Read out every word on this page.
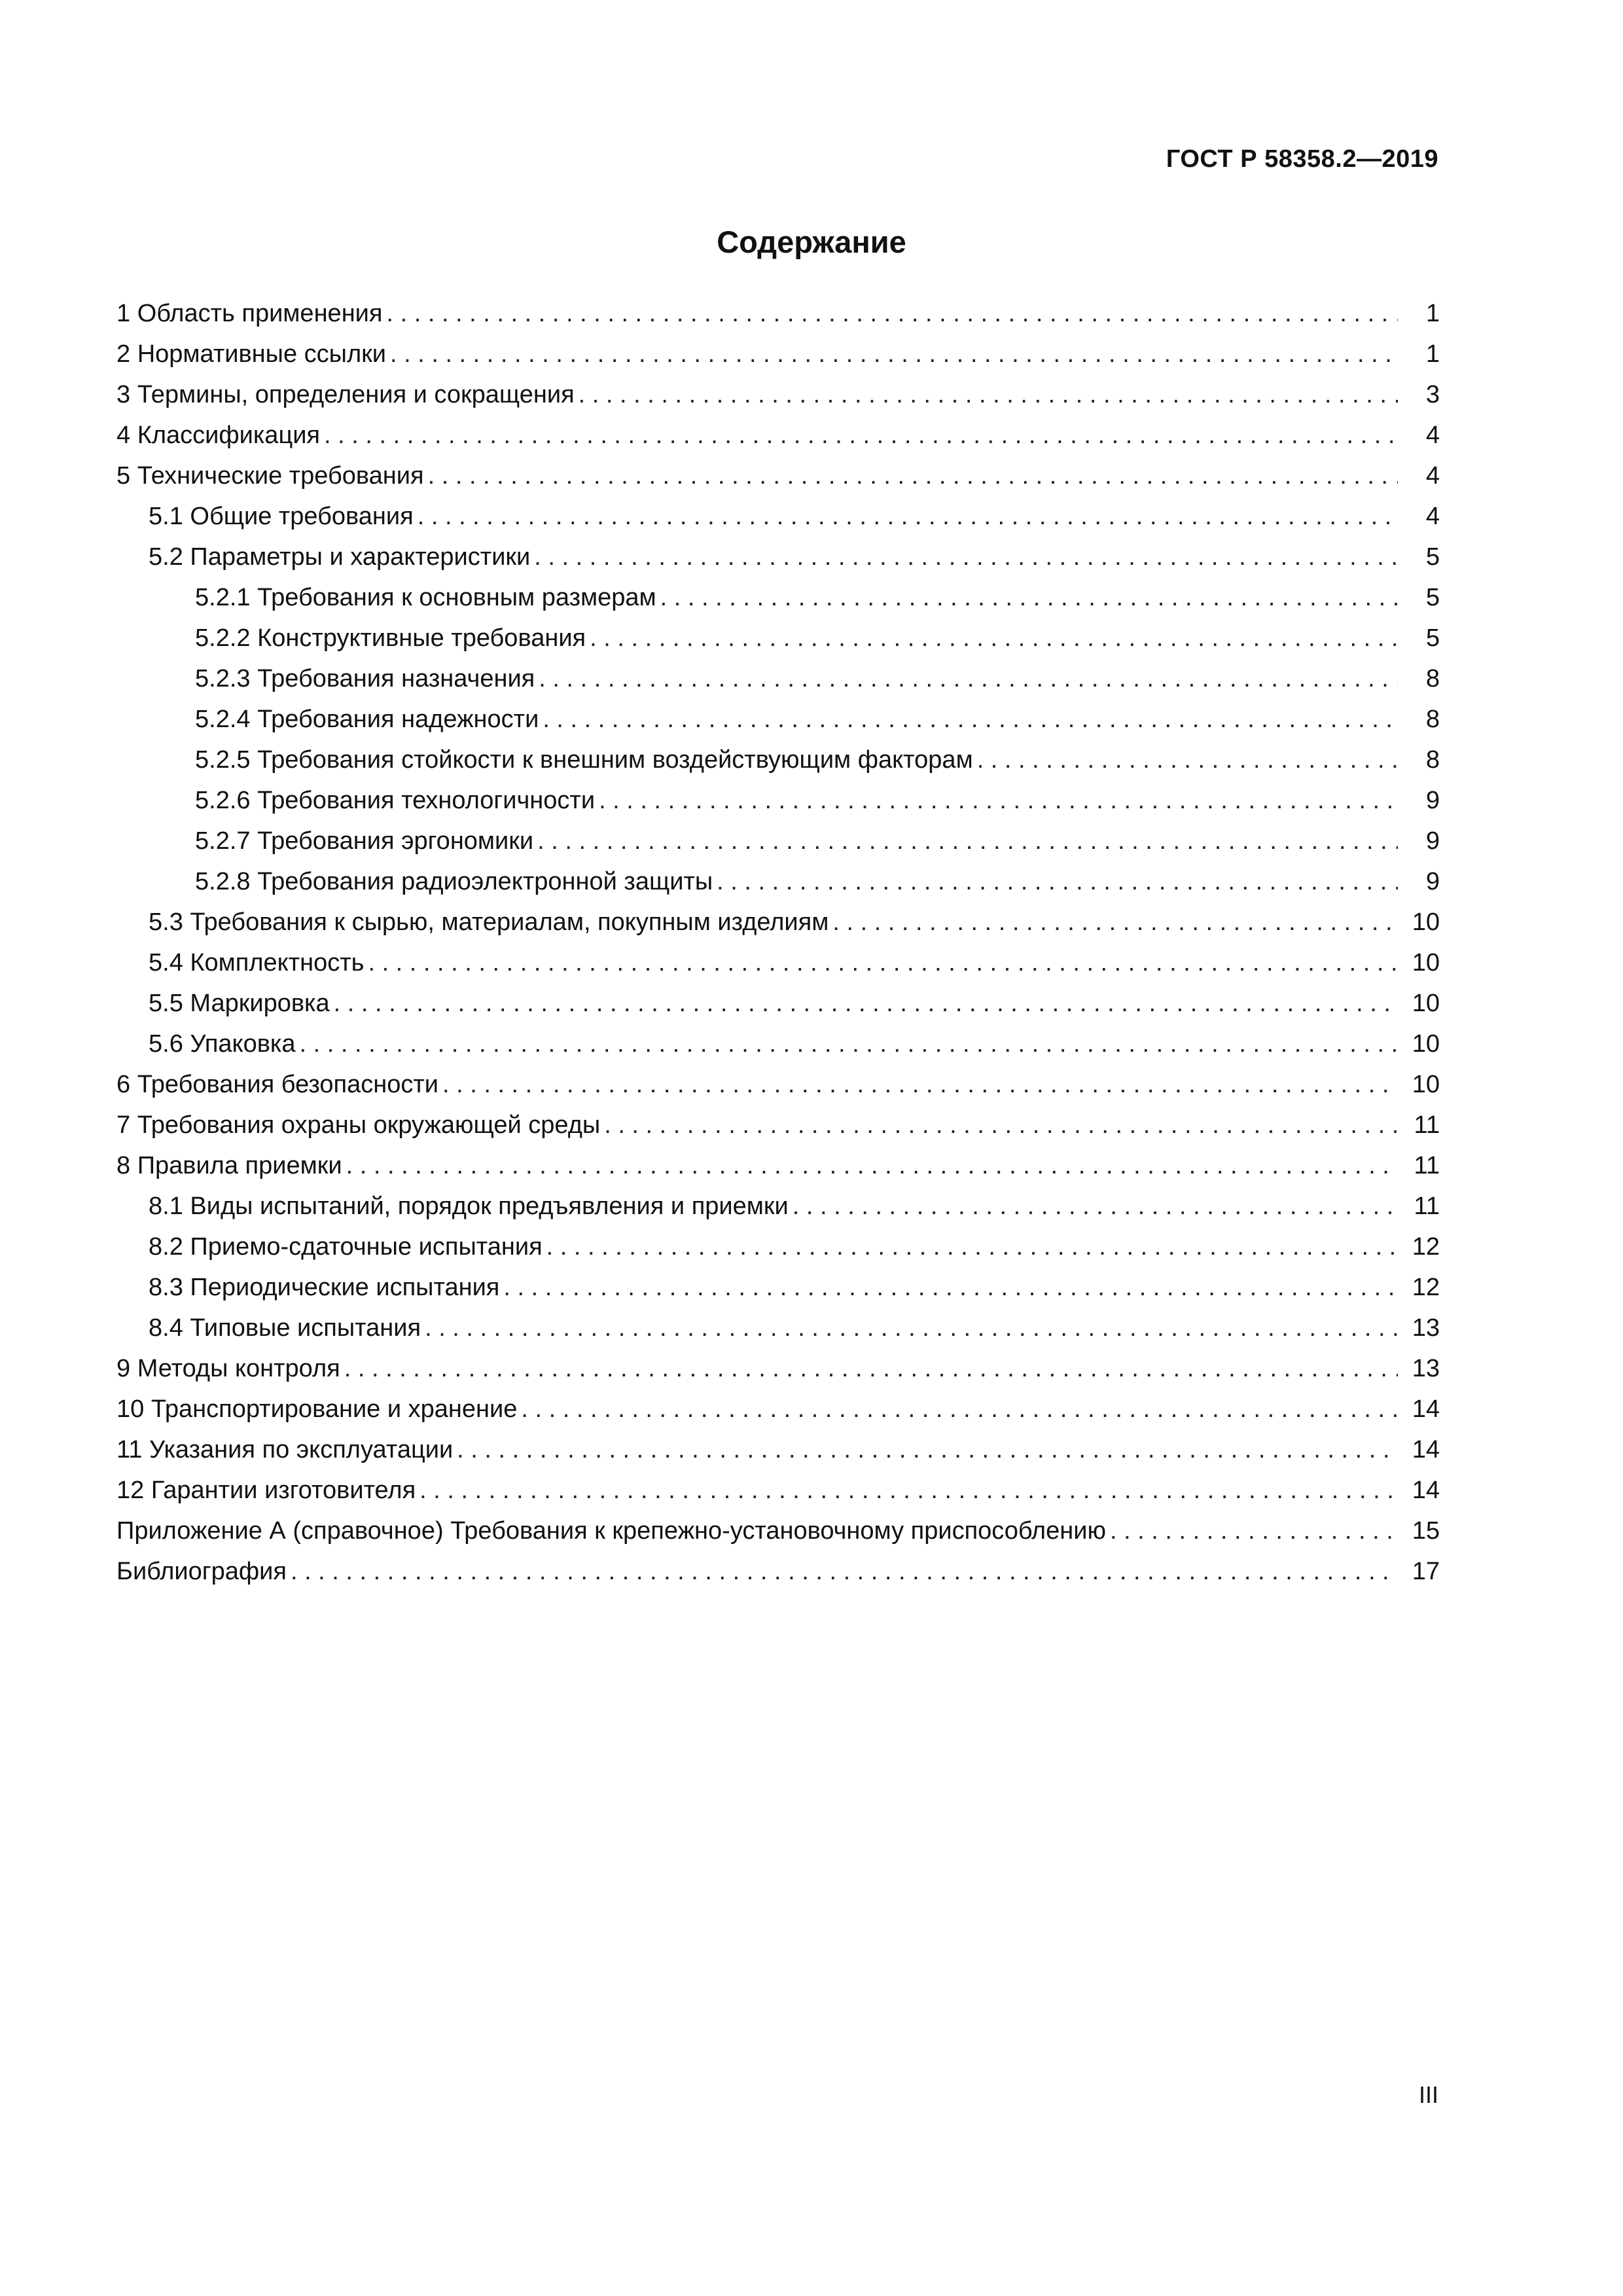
ГОСТ Р 58358.2—2019
Содержание
1 Область применения . . .	1
2 Нормативные ссылки . . .	1
3 Термины, определения и сокращения . . .	3
4 Классификация . . .	4
5 Технические требования . . .	4
5.1 Общие требования . . .	4
5.2 Параметры и характеристики . . .	5
5.2.1 Требования к основным размерам . . .	5
5.2.2 Конструктивные требования . . .	5
5.2.3 Требования назначения . . .	8
5.2.4 Требования надежности . . .	8
5.2.5 Требования стойкости к внешним воздействующим факторам . . .	8
5.2.6 Требования технологичности . . .	9
5.2.7 Требования эргономики . . .	9
5.2.8 Требования радиоэлектронной защиты . . .	9
5.3 Требования к сырью, материалам, покупным изделиям . . .	10
5.4 Комплектность . . .	10
5.5 Маркировка . . .	10
5.6 Упаковка . . .	10
6 Требования безопасности . . .	10
7 Требования охраны окружающей среды . . .	11
8 Правила приемки . . .	11
8.1 Виды испытаний, порядок предъявления и приемки . . .	11
8.2 Приемо-сдаточные испытания . . .	12
8.3 Периодические испытания . . .	12
8.4 Типовые испытания . . .	13
9 Методы контроля . . .	13
10 Транспортирование и хранение . . .	14
11 Указания по эксплуатации . . .	14
12 Гарантии изготовителя . . .	14
Приложение А (справочное) Требования к крепежно-установочному приспособлению . . .	15
Библиография . . .	17
III
